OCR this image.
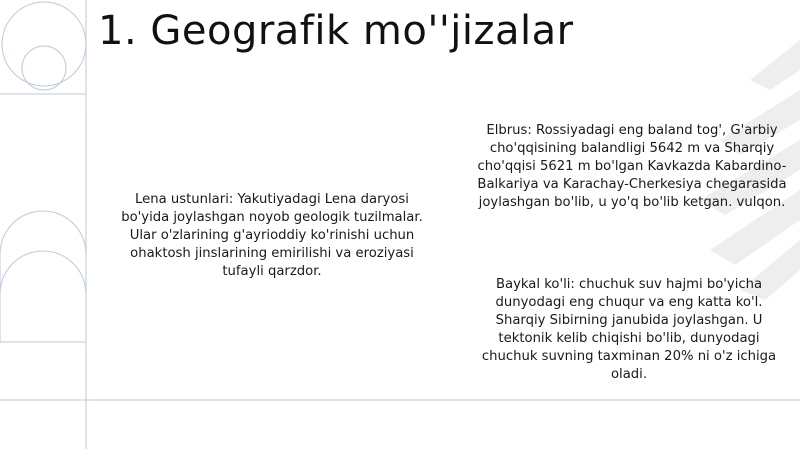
1. Geografik mo''jizalar
Lena ustunlari: Yakutiyadagi Lena daryosi
bo'yida joylashgan noyob geologik tuzilmalar.
Ular o'zlarining g'ayrioddiy ko'rinishi uchun
ohaktosh jinslarining emirilishi va eroziyasi
tufayli qarzdor.
Elbrus: Rossiyadagi eng baland tog', G'arbiy
cho'qqisining balandligi 5642 m va Sharqiy
cho'qqisi 5621 m bo'lgan Kavkazda Kabardino-
Balkariya va Karachay-Cherkesiya chegarasida
joylashgan bo'lib, u yo'q bo'lib ketgan. vulqon.
Baykal ko'li: chuchuk suv hajmi bo'yicha
dunyodagi eng chuqur va eng katta ko'l.
Sharqiy Sibirning janubida joylashgan. U
tektonik kelib chiqishi bo'lib, dunyodagi
chuchuk suvning taxminan 20% ni o'z ichiga
oladi.
